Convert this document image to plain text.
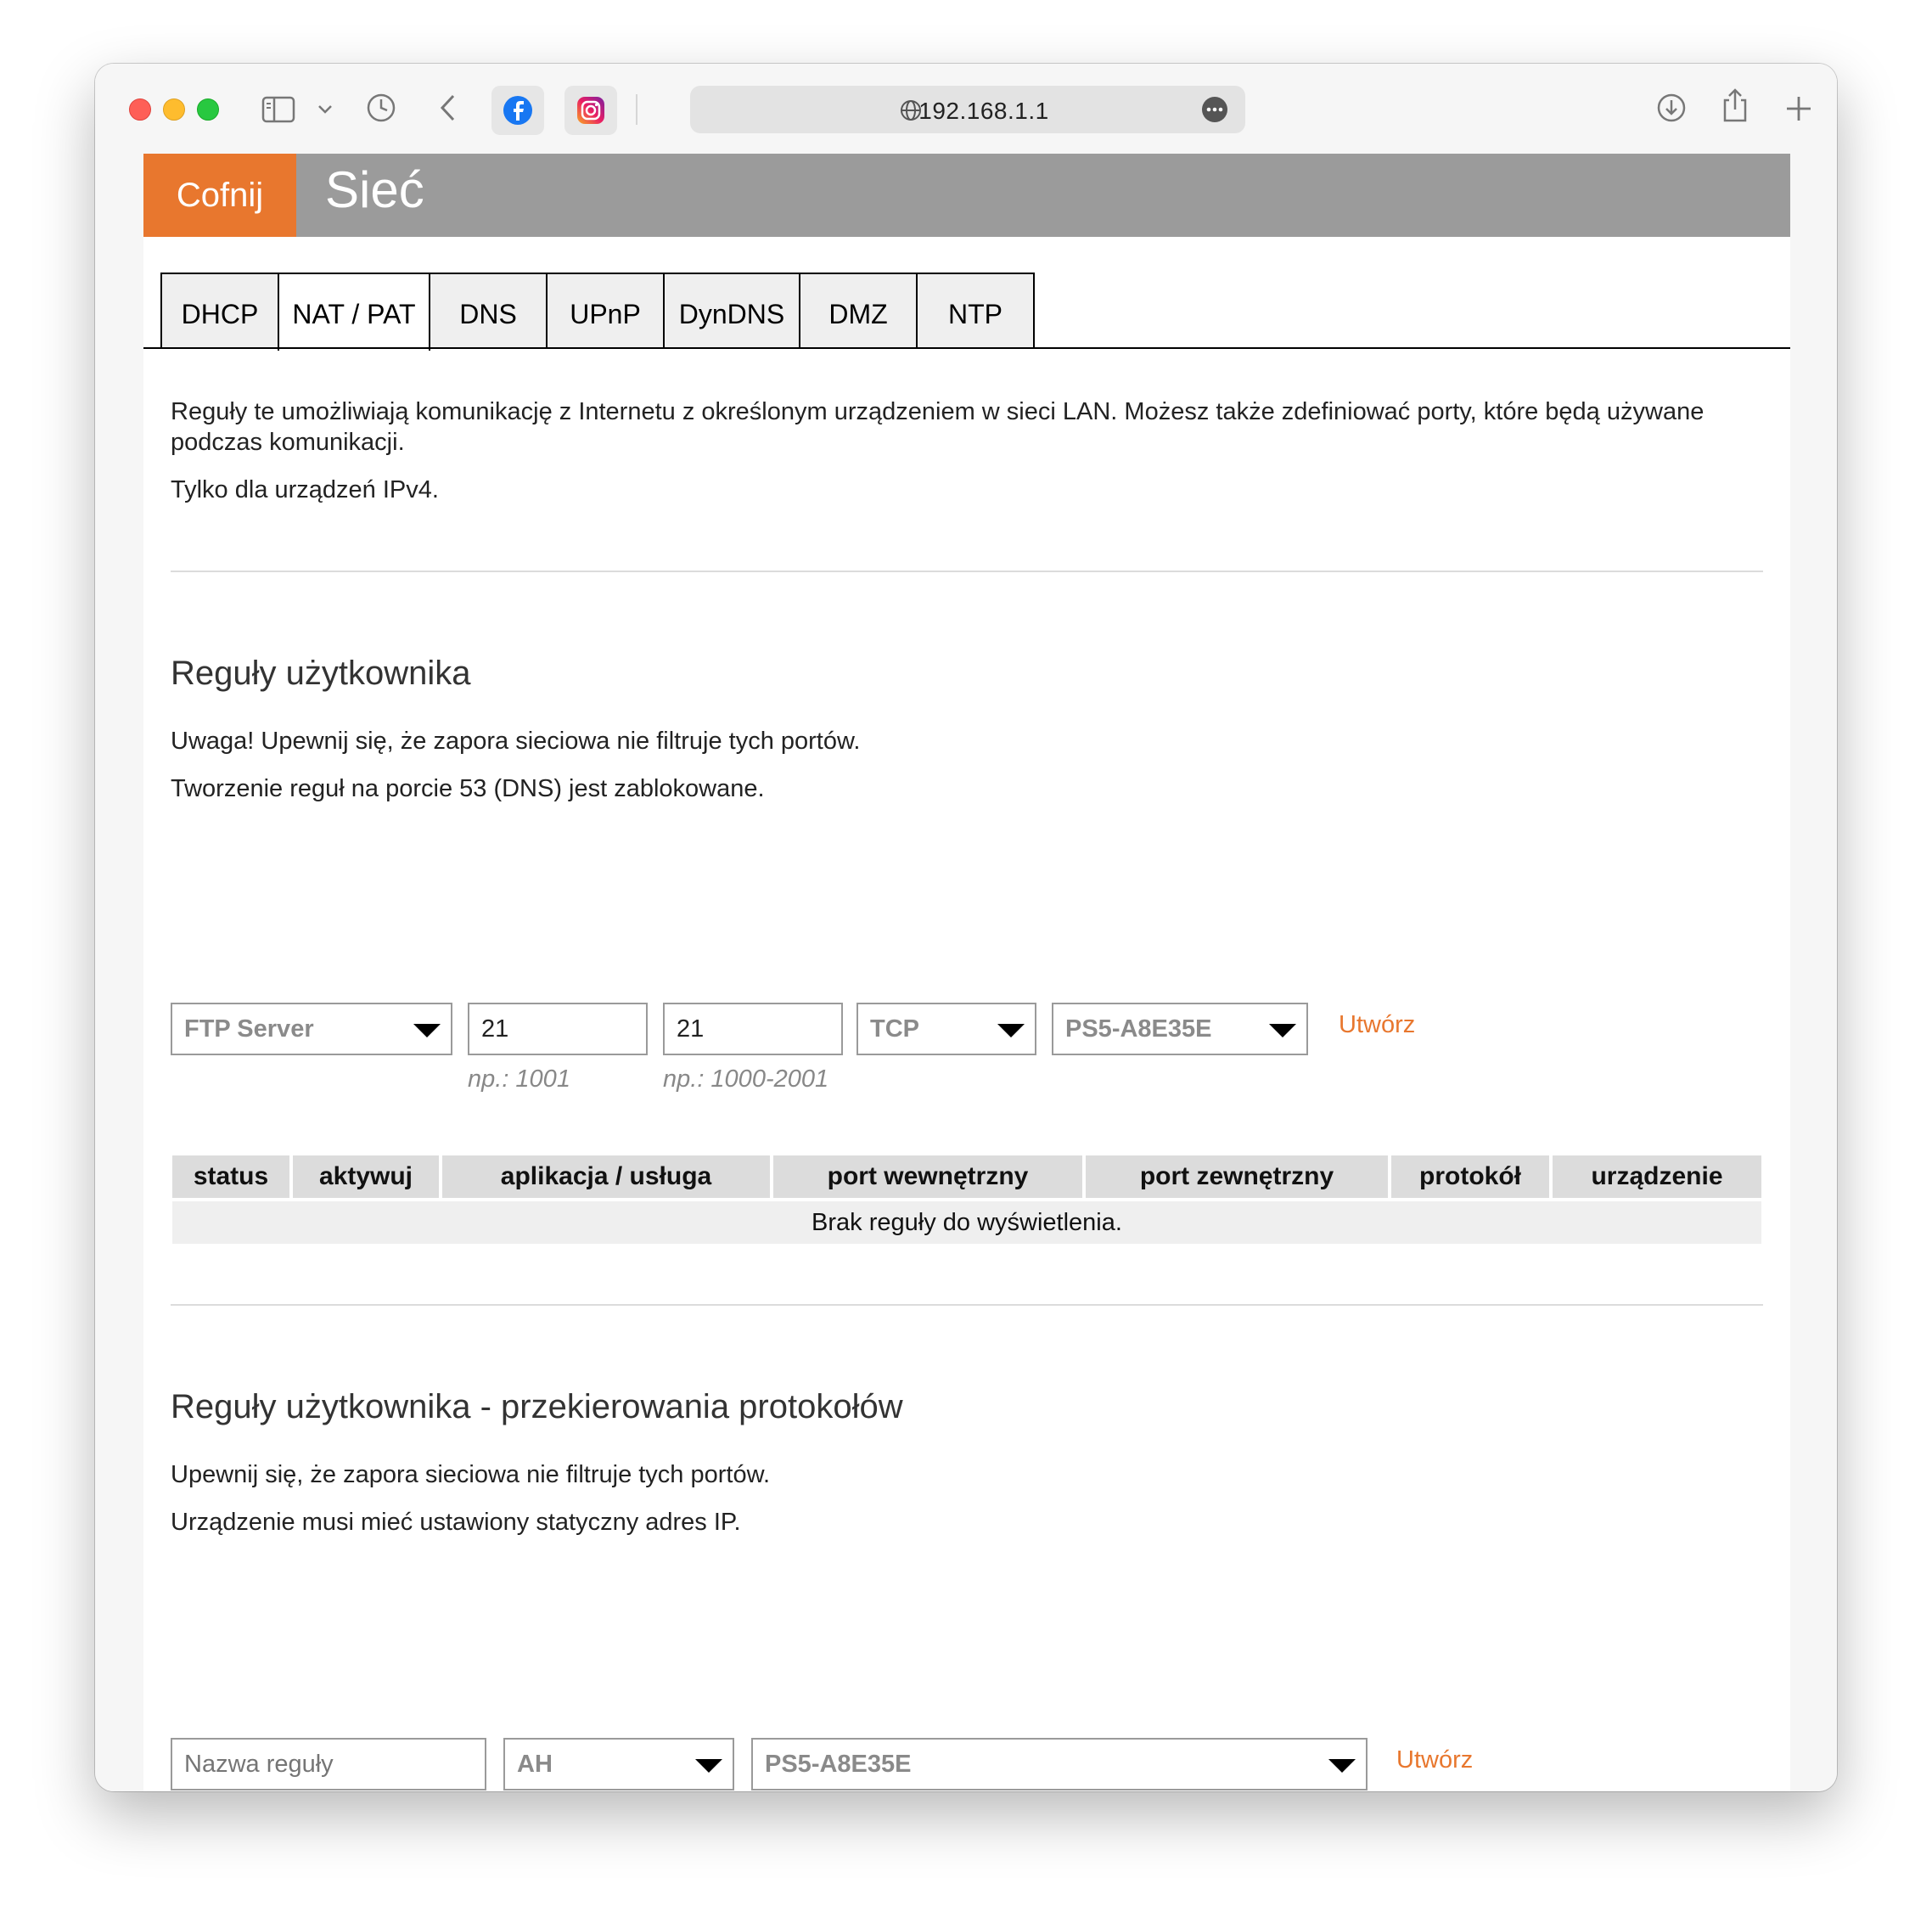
192.168.1.1
Cofnij	Sieć
DHCP	NAT / PAT	DNS	UPnP	DynDNS	DMZ	NTP
Reguły te umożliwiają komunikację z Internetu z określonym urządzeniem w sieci LAN. Możesz także zdefiniować porty, które będą używane
podczas komunikacji.
Tylko dla urządzeń IPv4.
Reguły użytkownika
Uwaga! Upewnij się, że zapora sieciowa nie filtruje tych portów.
Tworzenie reguł na porcie 53 (DNS) jest zablokowane.
FTP Server	21
np.: 1001
21
np.: 1000-2001
TCP	PS5-A8E35E	Utwórz
status	aktywuj	aplikacja / usługa	port wewnętrzny	port zewnętrzny	protokół	urządzenie
Brak reguły do wyświetlenia.
Reguły użytkownika - przekierowania protokołów
Upewnij się, że zapora sieciowa nie filtruje tych portów.
Urządzenie musi mieć ustawiony statyczny adres IP.
Nazwa reguły
AH	PS5-A8E35E	Utwórz
